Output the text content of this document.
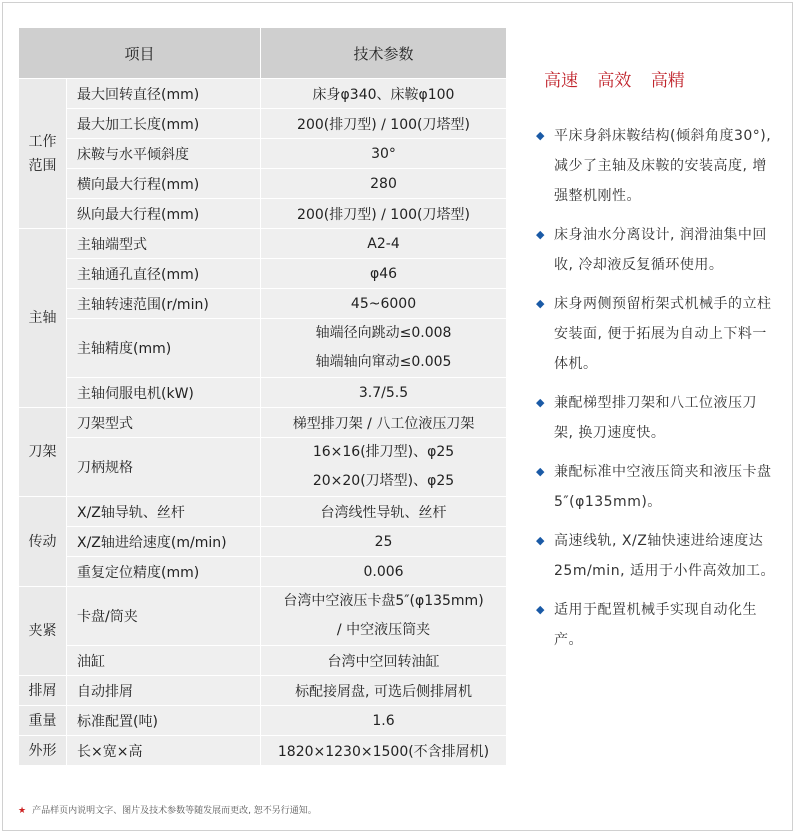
项目		技术参数
工作
范围	最大回转直径(mm)	床身φ340、床鞍φ100
	最大加工长度(mm)	200(排刀型) / 100(刀塔型)
	床鞍与水平倾斜度	30°
	横向最大行程(mm)	280
	纵向最大行程(mm)	200(排刀型) / 100(刀塔型)
主轴	主轴端型式	A2-4
	主轴通孔直径(mm)	φ46
	主轴转速范围(r/min)	45~6000
	主轴精度(mm)	轴端径向跳动≤0.008
轴端轴向窜动≤0.005

	主轴伺服电机(kW)	3.7/5.5
刀架	刀架型式	梯型排刀架 / 八工位液压刀架
	刀柄规格	16×16(排刀型)、φ25
20×20(刀塔型)、φ25

传动	X/Z轴导轨、丝杆	台湾线性导轨、丝杆
	X/Z轴进给速度(m/min)	25
	重复定位精度(mm)	0.006
夹紧	卡盘/筒夹	台湾中空液压卡盘5″(φ135mm)
/ 中空液压筒夹

	油缸	台湾中空回转油缸
排屑	自动排屑	标配接屑盘, 可选后侧排屑机
重量	标准配置(吨)	1.6
外形	长×宽×高	1820×1230×1500(不含排屑机)
★ 产品样页内说明文字、图片及技术参数等随发展而更改, 恕不另行通知。
高速 高效 高精
◆ 平床身斜床鞍结构(倾斜角度30°), 减少了主轴及床鞍的安装高度, 增强整机刚性。
◆ 床身油水分离设计, 润滑油集中回收, 冷却液反复循环使用。
◆ 床身两侧预留桁架式机械手的立柱安装面, 便于拓展为自动上下料一体机。
◆ 兼配梯型排刀架和八工位液压刀架, 换刀速度快。
◆ 兼配标准中空液压筒夹和液压卡盘5″(φ135mm)。
◆ 高速线轨, X/Z轴快速进给速度达25m/min, 适用于小件高效加工。
◆ 适用于配置机械手实现自动化生产。
